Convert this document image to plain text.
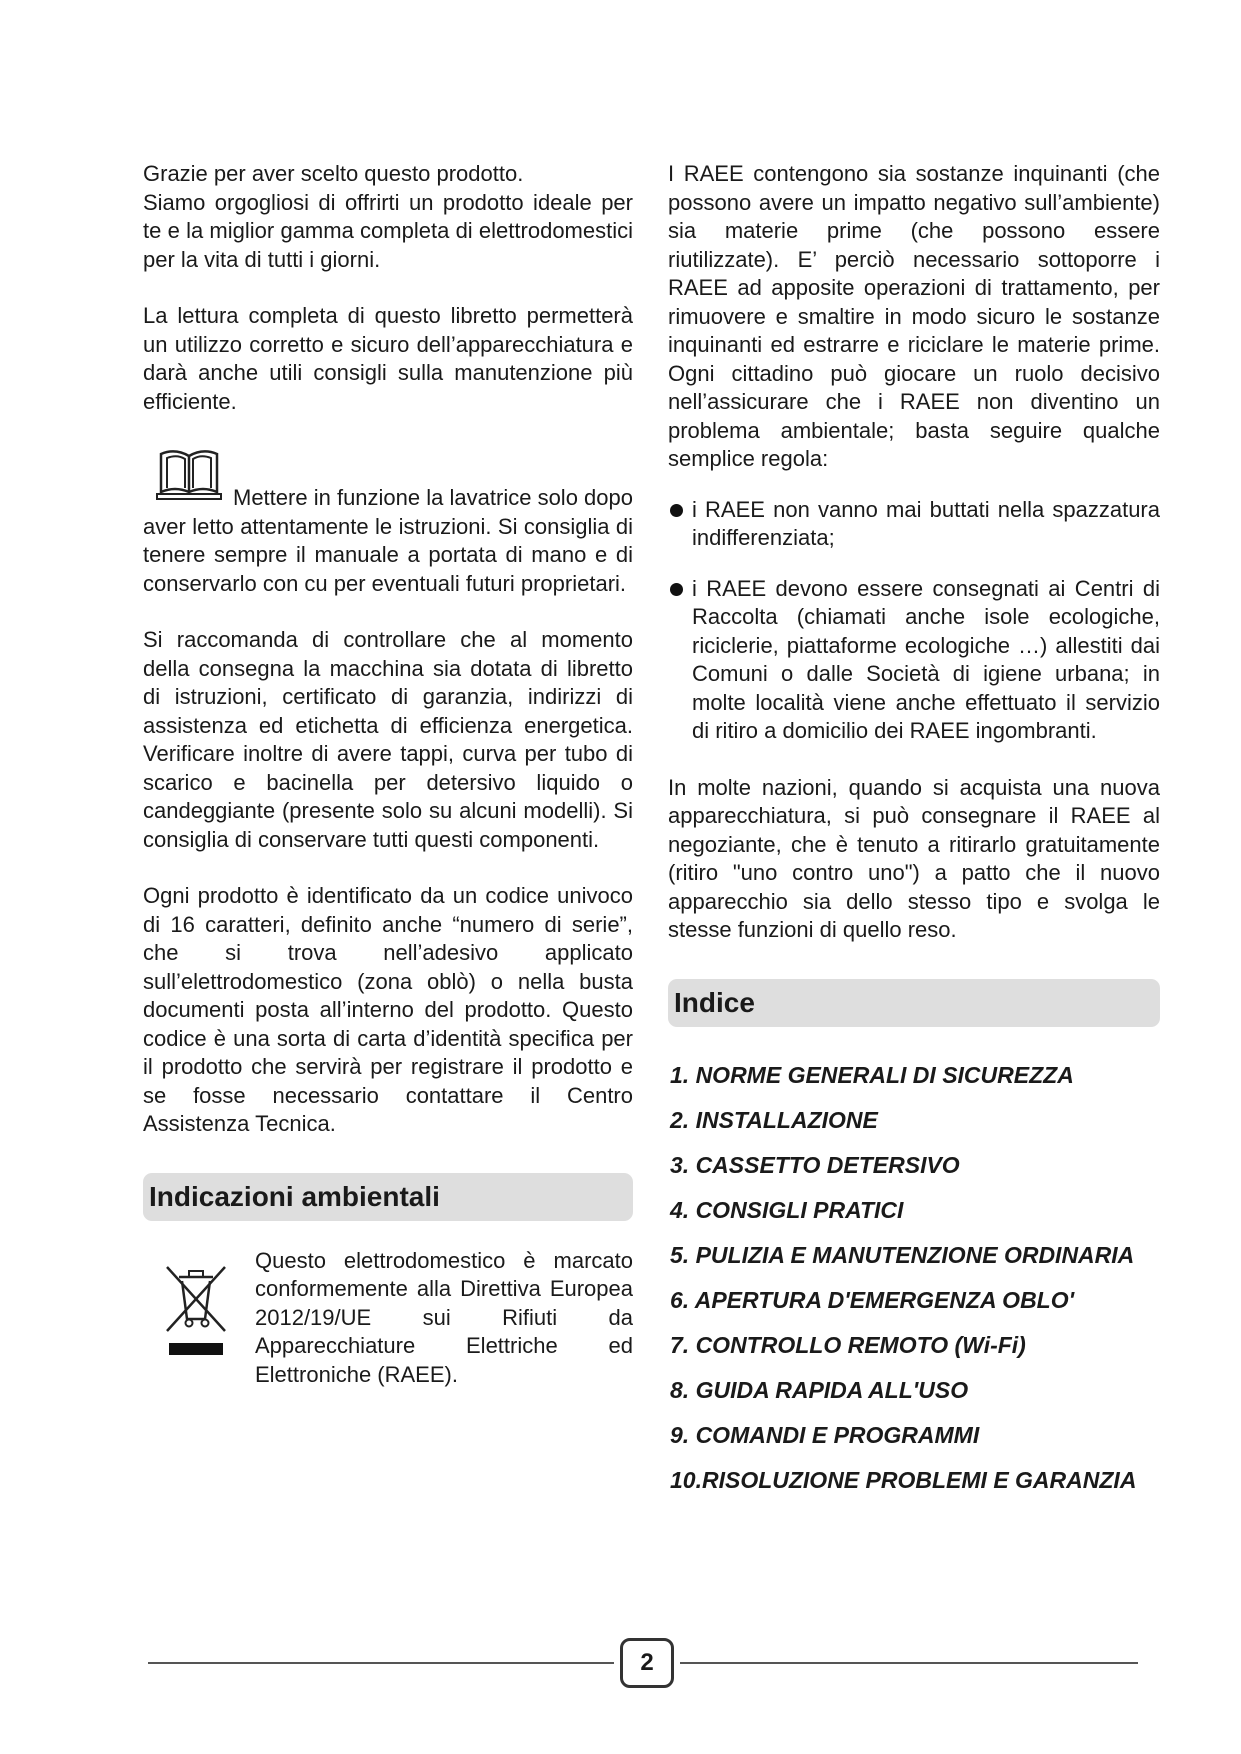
Grazie per aver scelto questo prodotto.

Siamo orgogliosi di offrirti un prodotto ideale per te e la miglior gamma completa di elettrodomestici per la vita di tutti i giorni.

La lettura completa di questo libretto permetterà un utilizzo corretto e sicuro dell’apparecchiatura e darà anche utili consigli sulla manutenzione più efficiente.

Mettere in funzione la lavatrice solo dopo aver letto attentamente le istruzioni. Si consiglia di tenere sempre il manuale a portata di mano e di conservarlo con cu per eventuali futuri proprietari.

Si raccomanda di controllare che al momento della consegna la macchina sia dotata di libretto di istruzioni, certificato di garanzia, indirizzi di assistenza ed etichetta di efficienza energetica. Verificare inoltre di avere tappi, curva per tubo di scarico e bacinella per detersivo liquido o candeggiante (presente solo su alcuni modelli). Si consiglia di conservare tutti questi componenti.

Ogni prodotto è identificato da un codice univoco di 16 caratteri, definito anche “numero di serie”, che si trova nell’adesivo applicato sull’elettrodomestico (zona oblò) o nella busta documenti posta all’interno del prodotto. Questo codice è una sorta di carta d’identità specifica per il prodotto che servirà per registrare il prodotto e se fosse necessario contattare il Centro Assistenza Tecnica.

Indicazioni ambientali

Questo elettrodomestico è marcato conformemente alla Direttiva Europea 2012/19/UE sui Rifiuti da Apparecchiature Elettriche ed Elettroniche (RAEE).

I RAEE contengono sia sostanze inquinanti (che possono avere un impatto negativo sull’ambiente) sia materie prime (che possono essere riutilizzate). E’ perciò necessario sottoporre i RAEE ad apposite operazioni di trattamento, per rimuovere e smaltire in modo sicuro le sostanze inquinanti ed estrarre e riciclare le materie prime. Ogni cittadino può giocare un ruolo decisivo nell’assicurare che i RAEE non diventino un problema ambientale; basta seguire qualche semplice regola:

i RAEE non vanno mai buttati nella spazzatura indifferenziata;

i RAEE devono essere consegnati ai Centri di Raccolta (chiamati anche isole ecologiche, riciclerie, piattaforme ecologiche …) allestiti dai Comuni o dalle Società di igiene urbana; in molte località viene anche effettuato il servizio di ritiro a domicilio dei RAEE ingombranti.

In molte nazioni, quando si acquista una nuova apparecchiatura, si può consegnare il RAEE al negoziante, che è tenuto a ritirarlo gratuitamente (ritiro "uno contro uno") a patto che il nuovo apparecchio sia dello stesso tipo e svolga le stesse funzioni di quello reso.

Indice
1. NORME GENERALI DI SICUREZZA
2. INSTALLAZIONE
3. CASSETTO DETERSIVO
4. CONSIGLI PRATICI
5. PULIZIA E MANUTENZIONE ORDINARIA
6. APERTURA D'EMERGENZA OBLO'
7. CONTROLLO REMOTO (Wi-Fi)
8. GUIDA RAPIDA ALL'USO
9. COMANDI E PROGRAMMI
10.RISOLUZIONE PROBLEMI E GARANZIA
2
